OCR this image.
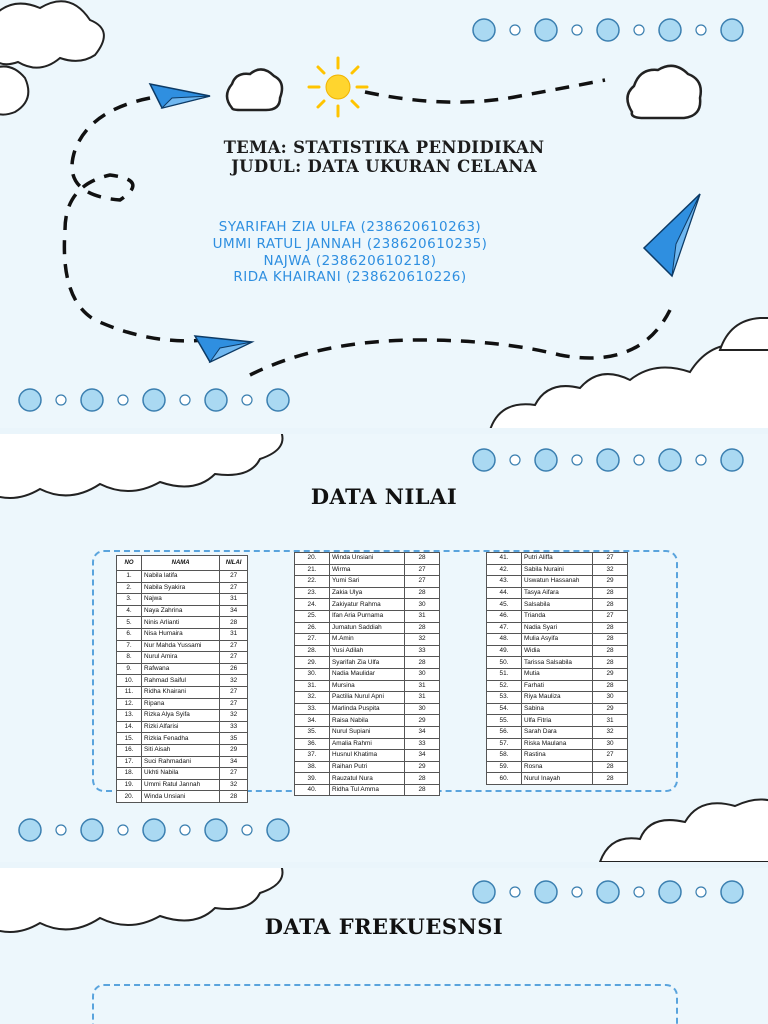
TEMA: STATISTIKA PENDIDIKAN
JUDUL: DATA UKURAN CELANA
SYARIFAH ZIA ULFA (238620610263)
UMMI RATUL JANNAH (238620610235)
NAJWA (238620610218)
RIDA KHAIRANI (238620610226)
DATA NILAI
NO	NAMA	NILAI
1.	Nabila latifa	27
2.	Nabila Syakira	27
3.	Najwa	31
4.	Naya Zahrina	34
5.	Ninis Arlianti	28
6.	Nisa Humaira	31
7.	Nur Mahda Yussami	27
8.	Nurul Amira	27
9.	Rafwana	26
10.	Rahmad Saiful	32
11.	Ridha Khairani	27
12.	Ripana	27
13.	Rizka Alya Syifa	32
14.	Rizki Alfarisi	33
15.	Rizkia Fenadha	35
16.	Siti Aisah	29
17.	Suci Rahmadani	34
18.	Ukhti Nabila	27
19.	Ummi Ratul Jannah	32
20.	Winda Unsiani	28
20.	Winda Unsiani	28
21.	Wirma	27
22.	Yumi Sari	27
23.	Zakia Ulya	28
24.	Zakiyatur Rahma	30
25.	Ifan Aria Purnama	31
26.	Jumatun Saddiah	28
27.	M.Amin	32
28.	Yusi Adilah	33
29.	Syarifah Zia Ulfa	28
30.	Nadia Maulidar	30
31.	Mursina	31
32.	Pactilia Nurul Apni	31
33.	Marlinda Puspita	30
34.	Raisa Nabila	29
35.	Nurul Supiani	34
36.	Amalia Rahmi	33
37.	Husnul Khatima	34
38.	Raihan Putri	29
39.	Rauzatul Nura	28
40.	Ridha Tul Amma	28
41.	Putri Aliffa	27
42.	Sabila Nuraini	32
43.	Uswatun Hassanah	29
44.	Tasya Aifara	28
45.	Salsabila	28
46.	Trianda	27
47.	Nadia Syari	28
48.	Mulia Asyifa	28
49.	Widia	28
50.	Tarissa Salsabila	28
51.	Mutia	29
52.	Farhati	28
53.	Riya Mauliza	30
54.	Sabina	29
55.	Ulfa Fitria	31
56.	Sarah Dara	32
57.	Riska Maulana	30
58.	Rastina	27
59.	Rosna	28
60.	Nurul Inayah	28
DATA FREKUESNSI
